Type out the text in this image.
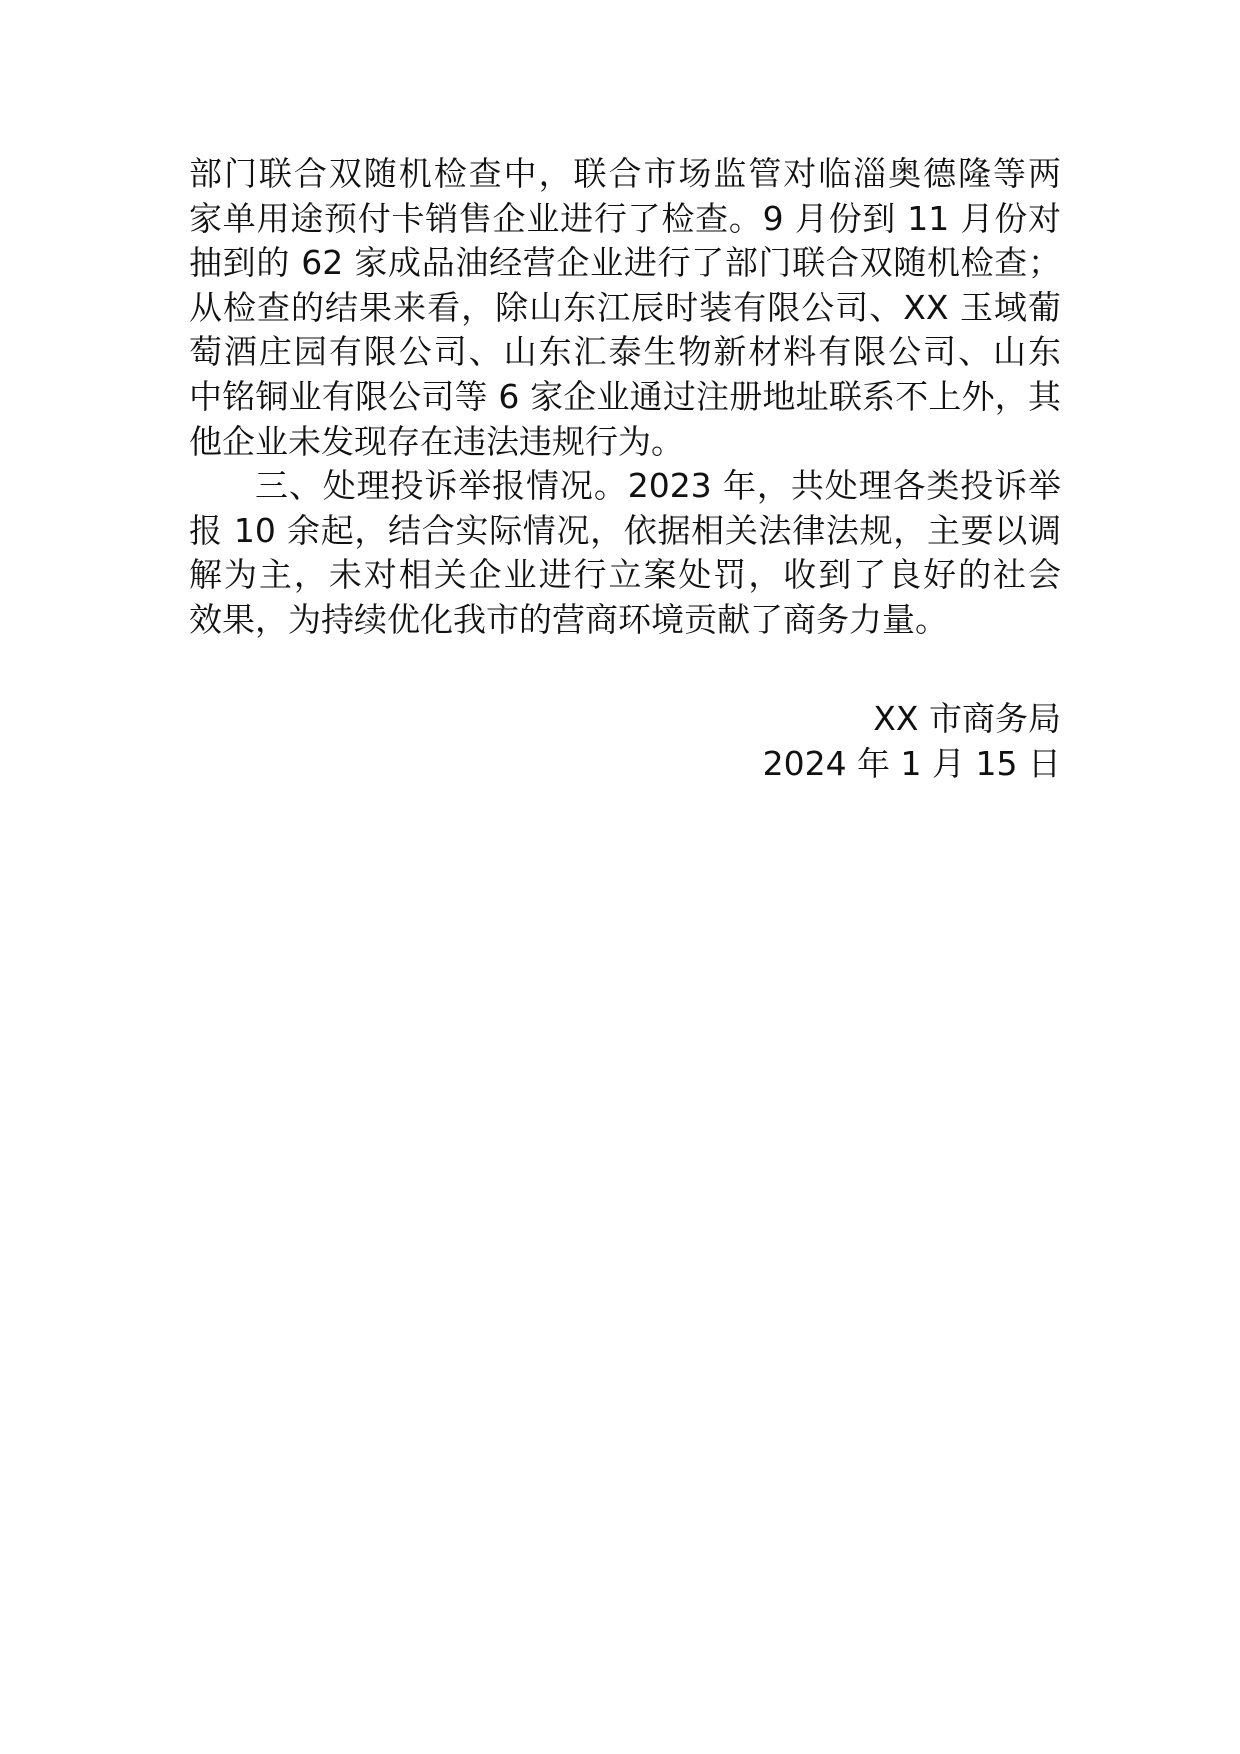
部门联合双随机检查中，联合市场监管对临淄奥德隆等两
家单用途预付卡销售企业进行了检查。9 月份到 11 月份对
抽到的 62 家成品油经营企业进行了部门联合双随机检查；
从检查的结果来看，除山东江辰时装有限公司、XX 玉域葡
萄酒庄园有限公司、山东汇泰生物新材料有限公司、山东
中铭铜业有限公司等 6 家企业通过注册地址联系不上外，其
他企业未发现存在违法违规行为。
三、处理投诉举报情况。2023 年，共处理各类投诉举
报 10 余起，结合实际情况，依据相关法律法规，主要以调
解为主，未对相关企业进行立案处罚，收到了良好的社会
效果，为持续优化我市的营商环境贡献了商务力量。
XX 市商务局
2024 年 1 月 15 日
